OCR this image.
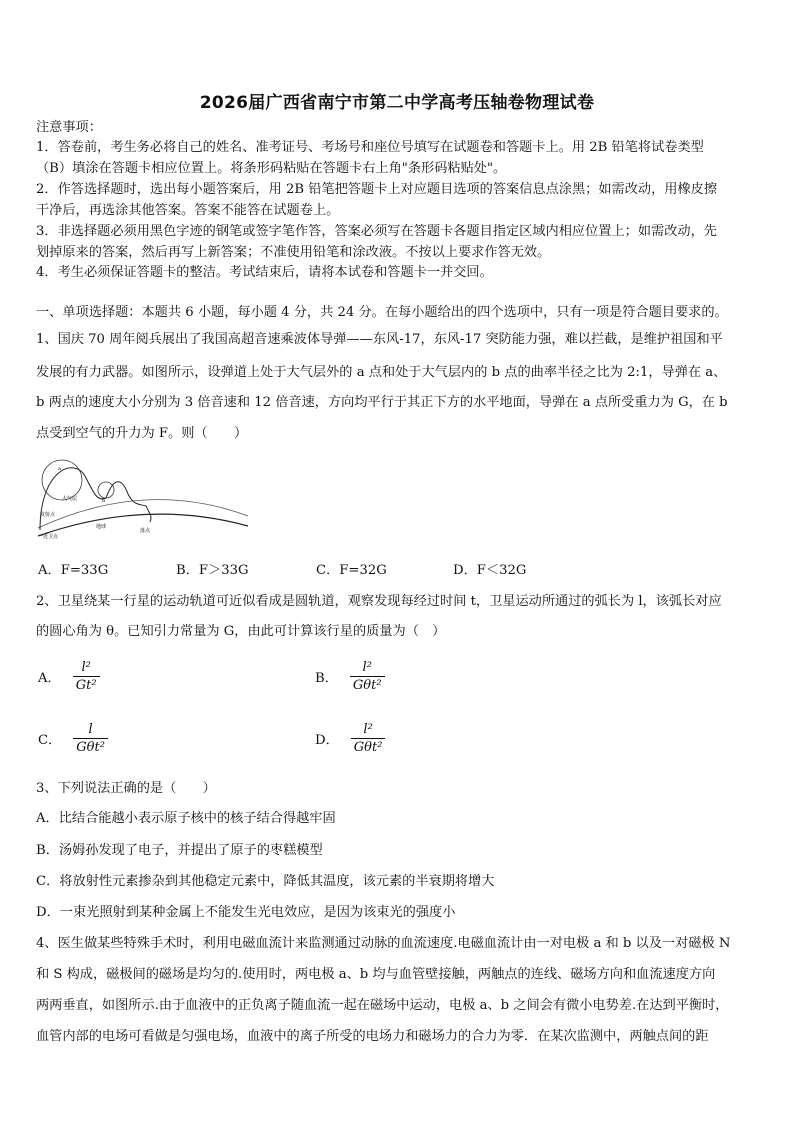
2026届广西省南宁市第二中学高考压轴卷物理试卷
注意事项：
1．答卷前，考生务必将自己的姓名、准考证号、考场号和座位号填写在试题卷和答题卡上。用 2B 铅笔将试卷类型
（B）填涂在答题卡相应位置上。将条形码粘贴在答题卡右上角"条形码粘贴处"。
2．作答选择题时，选出每小题答案后，用 2B 铅笔把答题卡上对应题目选项的答案信息点涂黑；如需改动，用橡皮擦
干净后，再选涂其他答案。答案不能答在试题卷上。
3．非选择题必须用黑色字迹的钢笔或签字笔作答，答案必须写在答题卡各题目指定区域内相应位置上；如需改动，先
划掉原来的答案，然后再写上新答案；不准使用铅笔和涂改液。不按以上要求作答无效。
4．考生必须保证答题卡的整洁。考试结束后，请将本试卷和答题卡一并交回。
一、单项选择题：本题共 6 小题，每小题 4 分，共 24 分。在每小题给出的四个选项中，只有一项是符合题目要求的。
1、国庆 70 周年阅兵展出了我国高超音速乘波体导弹——东风-17，东风-17 突防能力强，难以拦截，是维护祖国和平
发展的有力武器。如图所示，设弹道上处于大气层外的 a 点和处于大气层内的 b 点的曲率半径之比为 2:1，导弹在 a、
b 两点的速度大小分别为 3 倍音速和 12 倍音速，方向均平行于其正下方的水平地面，导弹在 a 点所受重力为 G，在 b
点受到空气的升力为 F。则（　　）
a
b
大气层
发射点
地球
落点
一近卫点
A．F=33G	B．F＞33G	C．F=32G	D．F＜32G
2、卫星绕某一行星的运动轨道可近似看成是圆轨道，观察发现每经过时间 t，卫星运动所通过的弧长为 l，该弧长对应
的圆心角为 θ。已知引力常量为 G，由此可计算该行星的质量为（　）
A． $\frac{\text{l²}}{\text{Gt²}}$	B． $\frac{\text{l²}}{\text{Gθt²}}$
C． $\frac{l}{\text{Gθt²}}$	D． $\frac{\text{l²}}{\text{Gθt²}}$
3、下列说法正确的是（　　）
A．比结合能越小表示原子核中的核子结合得越牢固
B．汤姆孙发现了电子，并提出了原子的枣糕模型
C．将放射性元素掺杂到其他稳定元素中，降低其温度，该元素的半衰期将增大
D．一束光照射到某种金属上不能发生光电效应，是因为该束光的强度小
4、医生做某些特殊手术时，利用电磁血流计来监测通过动脉的血流速度.电磁血流计由一对电极 a 和 b 以及一对磁极 N
和 S 构成，磁极间的磁场是均匀的.使用时，两电极 a、b 均与血管壁接触，两触点的连线、磁场方向和血流速度方向
两两垂直，如图所示.由于血液中的正负离子随血流一起在磁场中运动，电极 a、b 之间会有微小电势差.在达到平衡时，
血管内部的电场可看做是匀强电场，血液中的离子所受的电场力和磁场力的合力为零．在某次监测中，两触点间的距
